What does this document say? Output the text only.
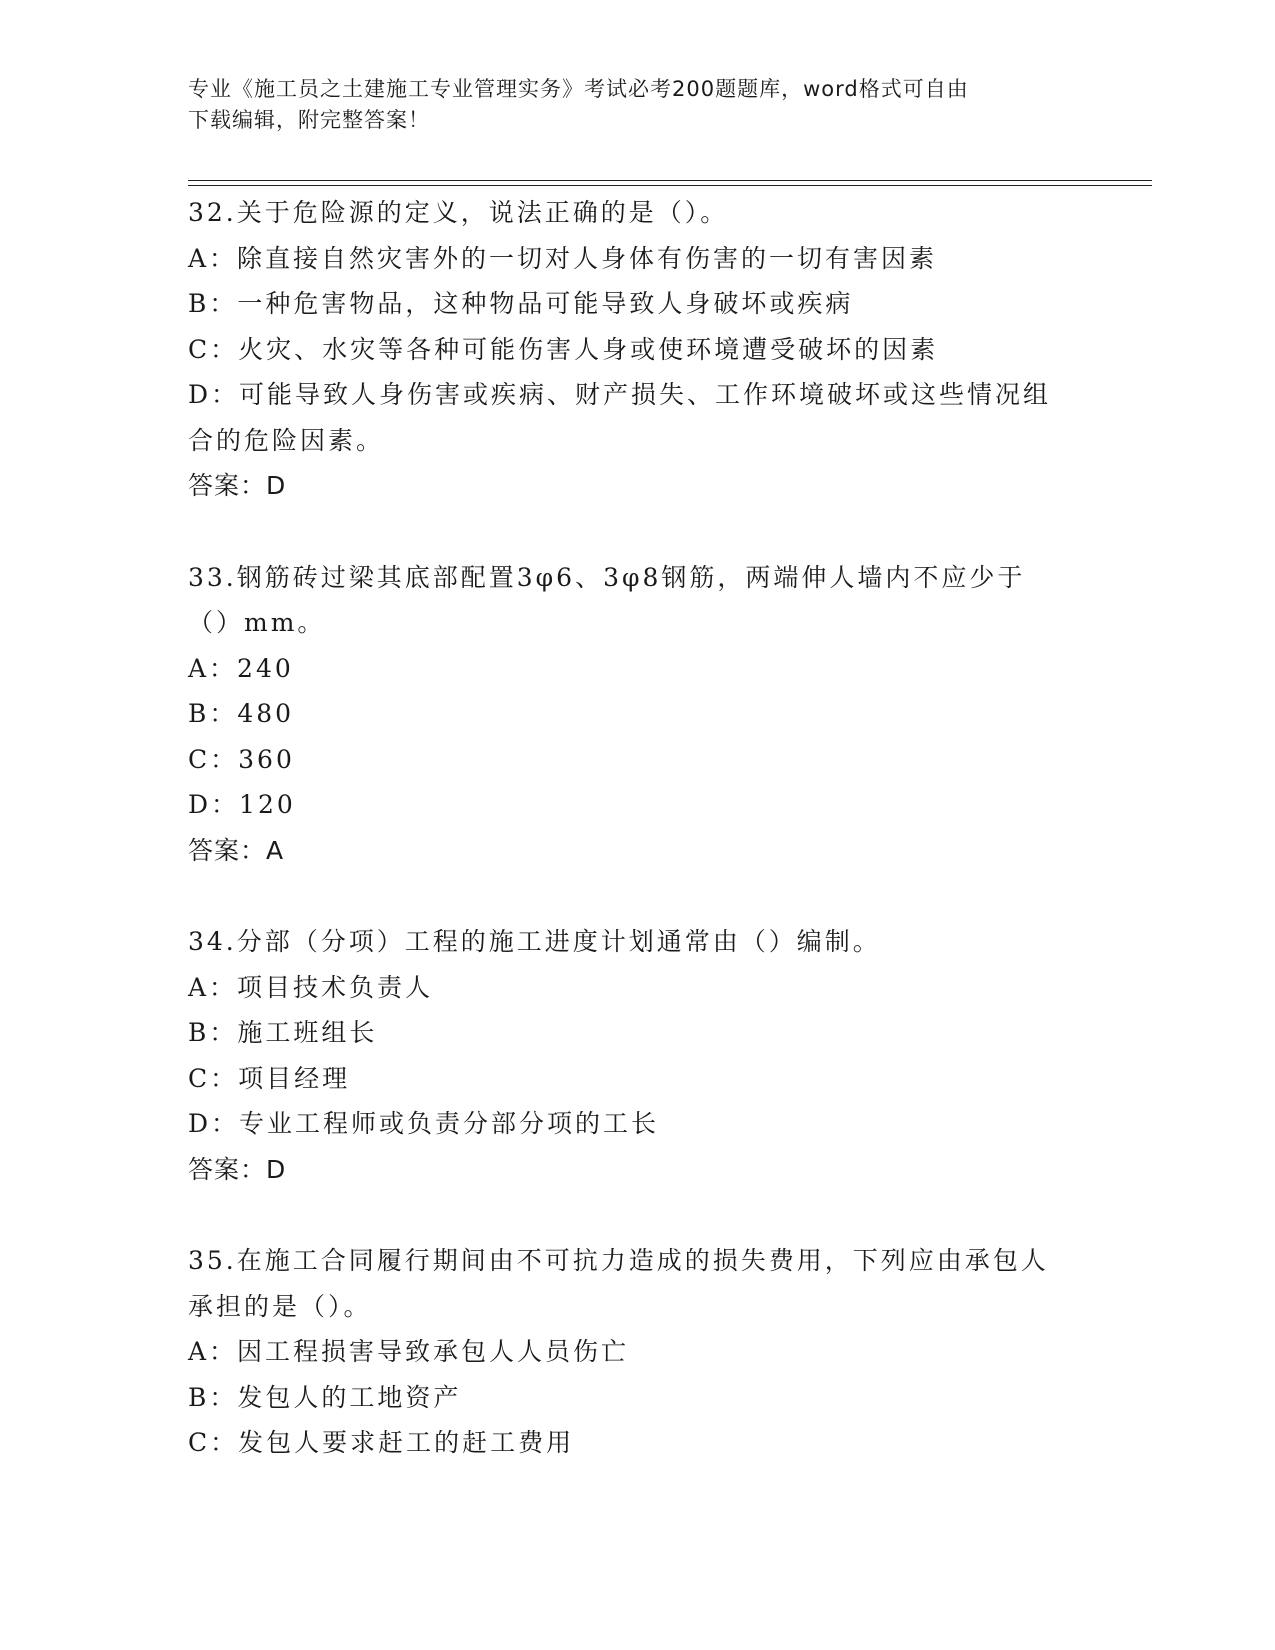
专业《施工员之土建施工专业管理实务》考试必考200题题库，word格式可自由
下载编辑，附完整答案！

32.关于危险源的定义，说法正确的是（）。

A：除直接自然灾害外的一切对人身体有伤害的一切有害因素

B：一种危害物品，这种物品可能导致人身破坏或疾病

C：火灾、水灾等各种可能伤害人身或使环境遭受破坏的因素

D：可能导致人身伤害或疾病、财产损失、工作环境破坏或这些情况组

合的危险因素。

答案：D

33.钢筋砖过梁其底部配置3φ6、3φ8钢筋，两端伸人墙内不应少于

（）mm。

A：240

B：480

C：360

D：120

答案：A

34.分部（分项）工程的施工进度计划通常由（）编制。

A：项目技术负责人

B：施工班组长

C：项目经理

D：专业工程师或负责分部分项的工长

答案：D

35.在施工合同履行期间由不可抗力造成的损失费用，下列应由承包人

承担的是（）。

A：因工程损害导致承包人人员伤亡

B：发包人的工地资产

C：发包人要求赶工的赶工费用
